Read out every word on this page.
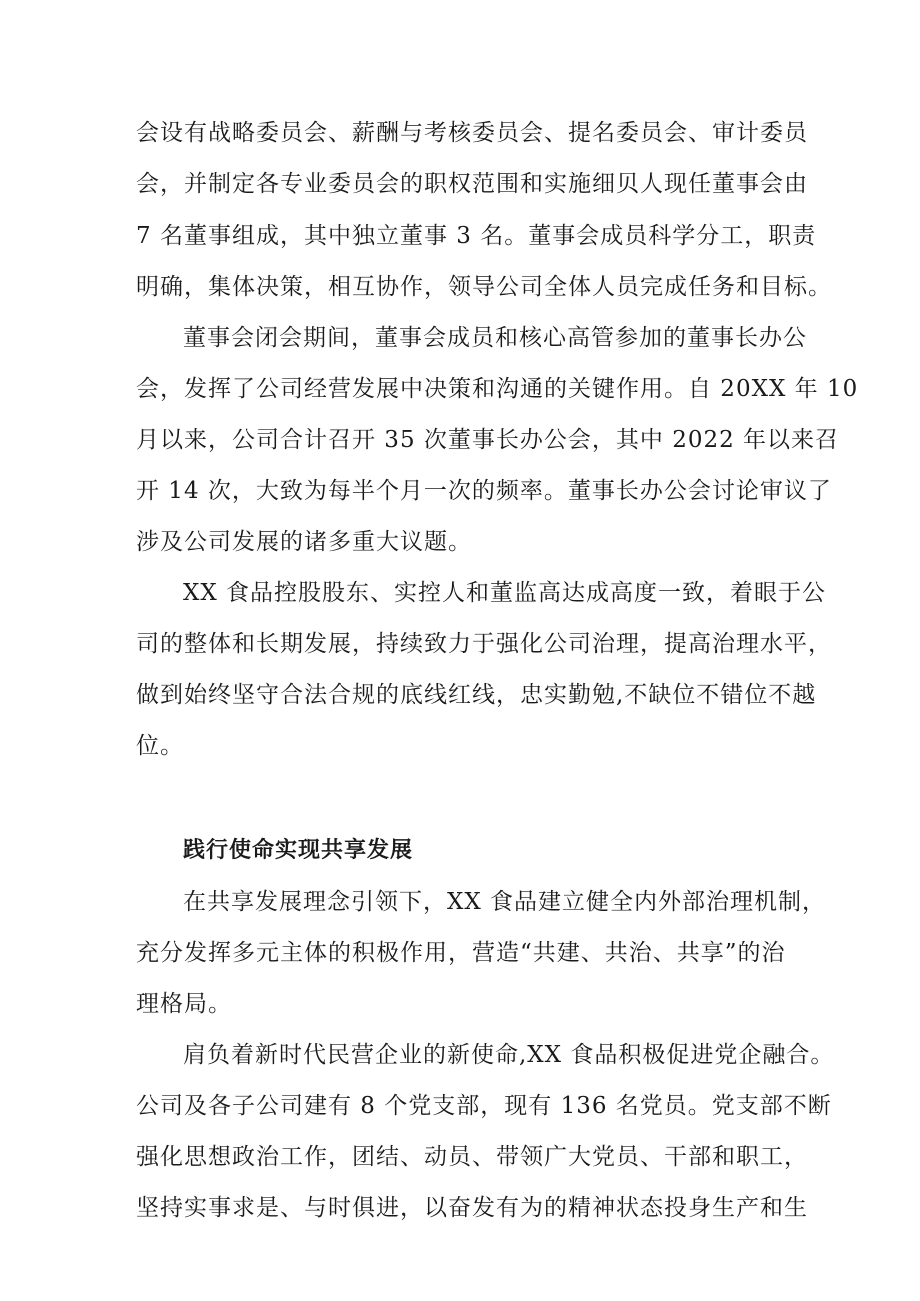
会设有战略委员会、薪酬与考核委员会、提名委员会、审计委员
会，并制定各专业委员会的职权范围和实施细贝人现任董事会由
7 名董事组成，其中独立董事 3 名。董事会成员科学分工，职责
明确，集体决策，相互协作，领导公司全体人员完成任务和目标。
董事会闭会期间，董事会成员和核心高管参加的董事长办公
会，发挥了公司经营发展中决策和沟通的关键作用。自 20XX 年 10
月以来，公司合计召开 35 次董事长办公会，其中 2022 年以来召
开 14 次，大致为每半个月一次的频率。董事长办公会讨论审议了
涉及公司发展的诸多重大议题。
XX 食品控股股东、实控人和董监高达成高度一致，着眼于公
司的整体和长期发展，持续致力于强化公司治理，提高治理水平，
做到始终坚守合法合规的底线红线，忠实勤勉,不缺位不错位不越
位。
践行使命实现共享发展
在共享发展理念引领下，XX 食品建立健全内外部治理机制，
充分发挥多元主体的积极作用，营造“共建、共治、共享”的治
理格局。
肩负着新时代民营企业的新使命,XX 食品积极促进党企融合。
公司及各子公司建有 8 个党支部，现有 136 名党员。党支部不断
强化思想政治工作，团结、动员、带领广大党员、干部和职工，
坚持实事求是、与时俱进，以奋发有为的精神状态投身生产和生
